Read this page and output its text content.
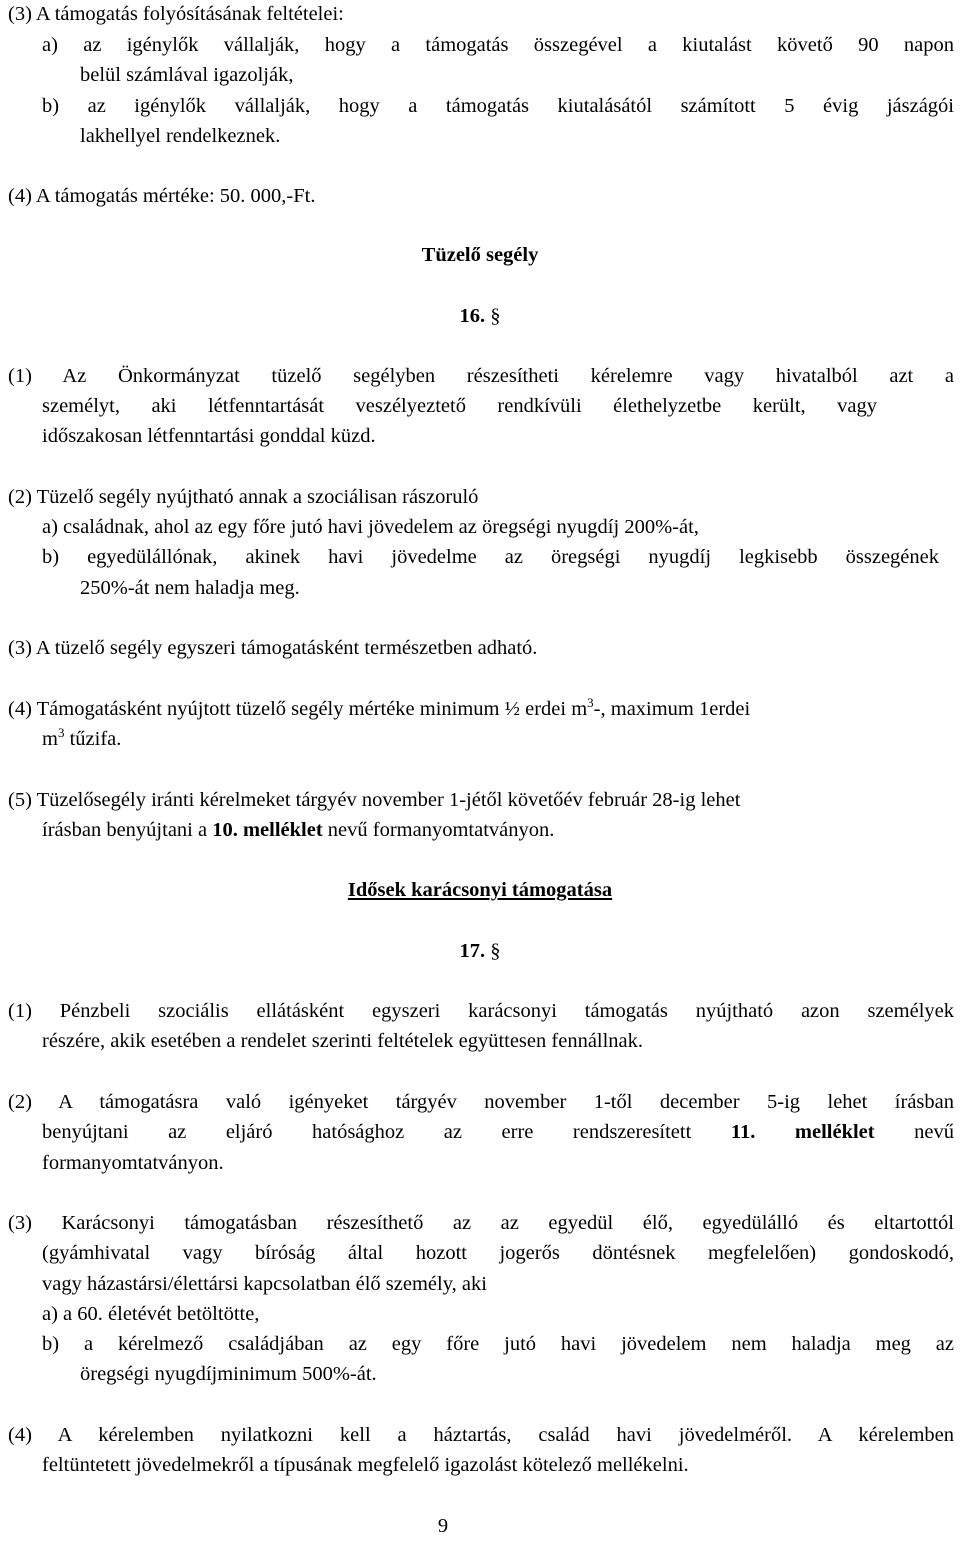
(3) A támogatás folyósításának feltételei:
a) az igénylők vállalják, hogy a támogatás összegével a kiutalást követő 90 napon
belül számlával igazolják,
b) az igénylők vállalják, hogy a támogatás kiutalásától számított 5 évig jászágói
lakhellyel rendelkeznek.
(4) A támogatás mértéke: 50. 000,-Ft.
Tüzelő segély
16. §
(1) Az Önkormányzat tüzelő segélyben részesítheti kérelemre vagy hivatalból azt a
személyt, aki létfenntartását veszélyeztető rendkívüli élethelyzetbe került, vagy
időszakosan létfenntartási gonddal küzd.
(2) Tüzelő segély nyújtható annak a szociálisan rászoruló
a) családnak, ahol az egy főre jutó havi jövedelem az öregségi nyugdíj 200%-át,
b) egyedülállónak, akinek havi jövedelme az öregségi nyugdíj legkisebb összegének
250%-át nem haladja meg.
(3) A tüzelő segély egyszeri támogatásként természetben adható.
(4) Támogatásként nyújtott tüzelő segély mértéke minimum ½ erdei $m^3-$, maximum 1erdei
$m^3$ tűzifa.
(5) Tüzelősegély iránti kérelmeket tárgyév november 1-jétől követőév február 28-ig lehet
írásban benyújtani a 10. melléklet nevű formanyomtatványon.
Idősek karácsonyi támogatása
17. §
(1) Pénzbeli szociális ellátásként egyszeri karácsonyi támogatás nyújtható azon személyek
részére, akik esetében a rendelet szerinti feltételek együttesen fennállnak.
(2) A támogatásra való igényeket tárgyév november 1-től december 5-ig lehet írásban
benyújtani az eljáró hatósághoz az erre rendszeresített 11. melléklet nevű
formanyomtatványon.
(3) Karácsonyi támogatásban részesíthető az az egyedül élő, egyedülálló és eltartottól
(gyámhivatal vagy bíróság által hozott jogerős döntésnek megfelelően) gondoskodó,
vagy házastársi/élettársi kapcsolatban élő személy, aki
a) a 60. életévét betöltötte,
b) a kérelmező családjában az egy főre jutó havi jövedelem nem haladja meg az
öregségi nyugdíjminimum 500%-át.
(4) A kérelemben nyilatkozni kell a háztartás, család havi jövedelméről. A kérelemben
feltüntetett jövedelmekről a típusának megfelelő igazolást kötelező mellékelni.
9
